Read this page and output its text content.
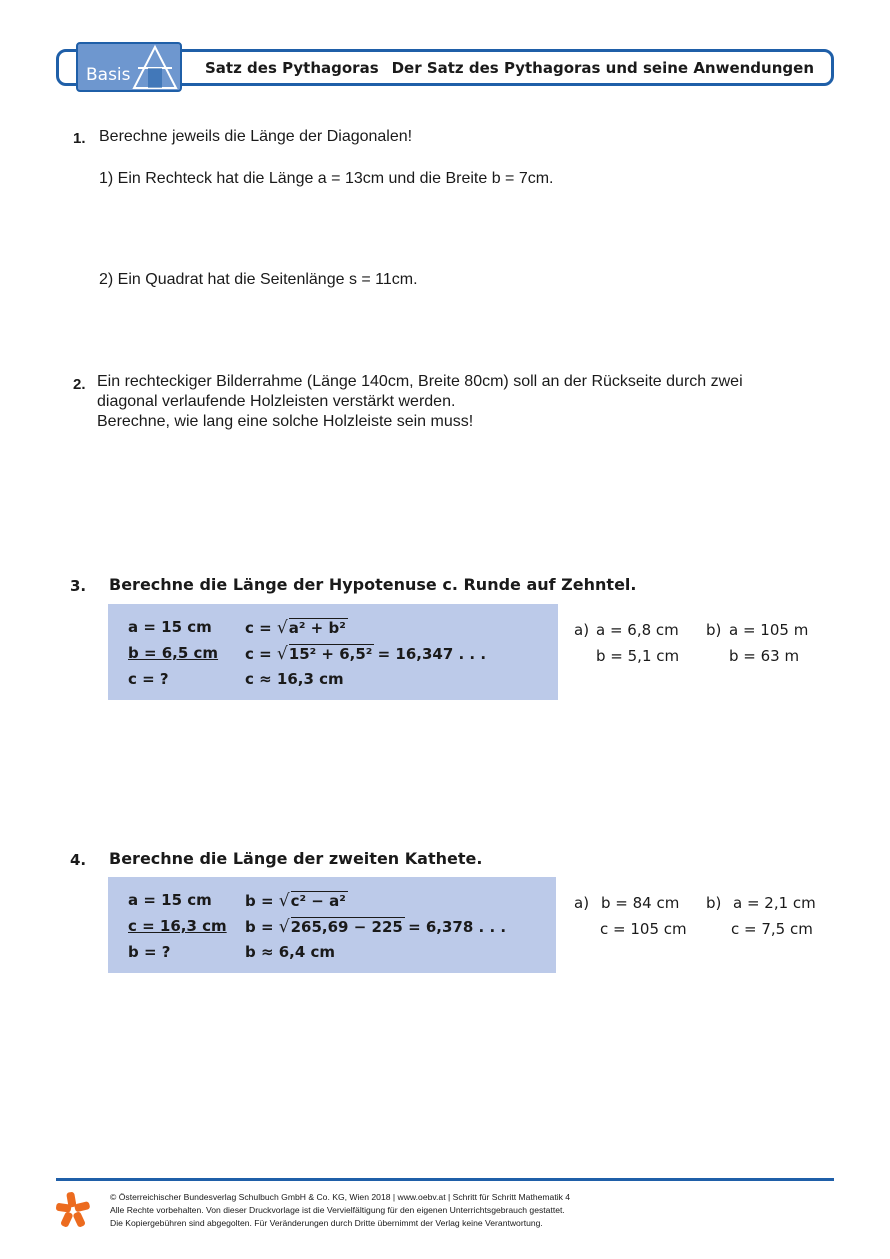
Basis	Satz des Pythagoras Der Satz des Pythagoras und seine Anwendungen
1. Berechne jeweils die Länge der Diagonalen!
1) Ein Rechteck hat die Länge a = 13cm und die Breite b = 7cm.
2) Ein Quadrat hat die Seitenlänge s = 11cm.
2. Ein rechteckiger Bilderrahme (Länge 140cm, Breite 80cm) soll an der Rückseite durch zwei
diagonal verlaufende Holzleisten verstärkt werden.
Berechne, wie lang eine solche Holzleiste sein muss!
3. Berechne die Länge der Hypotenuse c. Runde auf Zehntel.
a = 15 cm
b = 6,5 cm
c = ?
c = √a² + b²
c = √15² + 6,5² = 16,347 . . .
c ≈ 16,3 cm
a) a = 6,8 cm
b = 5,1 cm
b) a = 105 m
b = 63 m
4. Berechne die Länge der zweiten Kathete.
a = 15 cm
c = 16,3 cm
b = ?
b = √c² − a²
b = √265,69 − 225 = 6,378 . . .
b ≈ 6,4 cm
a) b = 84 cm
c = 105 cm
b) a = 2,1 cm
c = 7,5 cm
© Österreichischer Bundesverlag Schulbuch GmbH & Co. KG, Wien 2018 | www.oebv.at | Schritt für Schritt Mathematik 4
Alle Rechte vorbehalten. Von dieser Druckvorlage ist die Vervielfältigung für den eigenen Unterrichtsgebrauch gestattet.
Die Kopiergebühren sind abgegolten. Für Veränderungen durch Dritte übernimmt der Verlag keine Verantwortung.
